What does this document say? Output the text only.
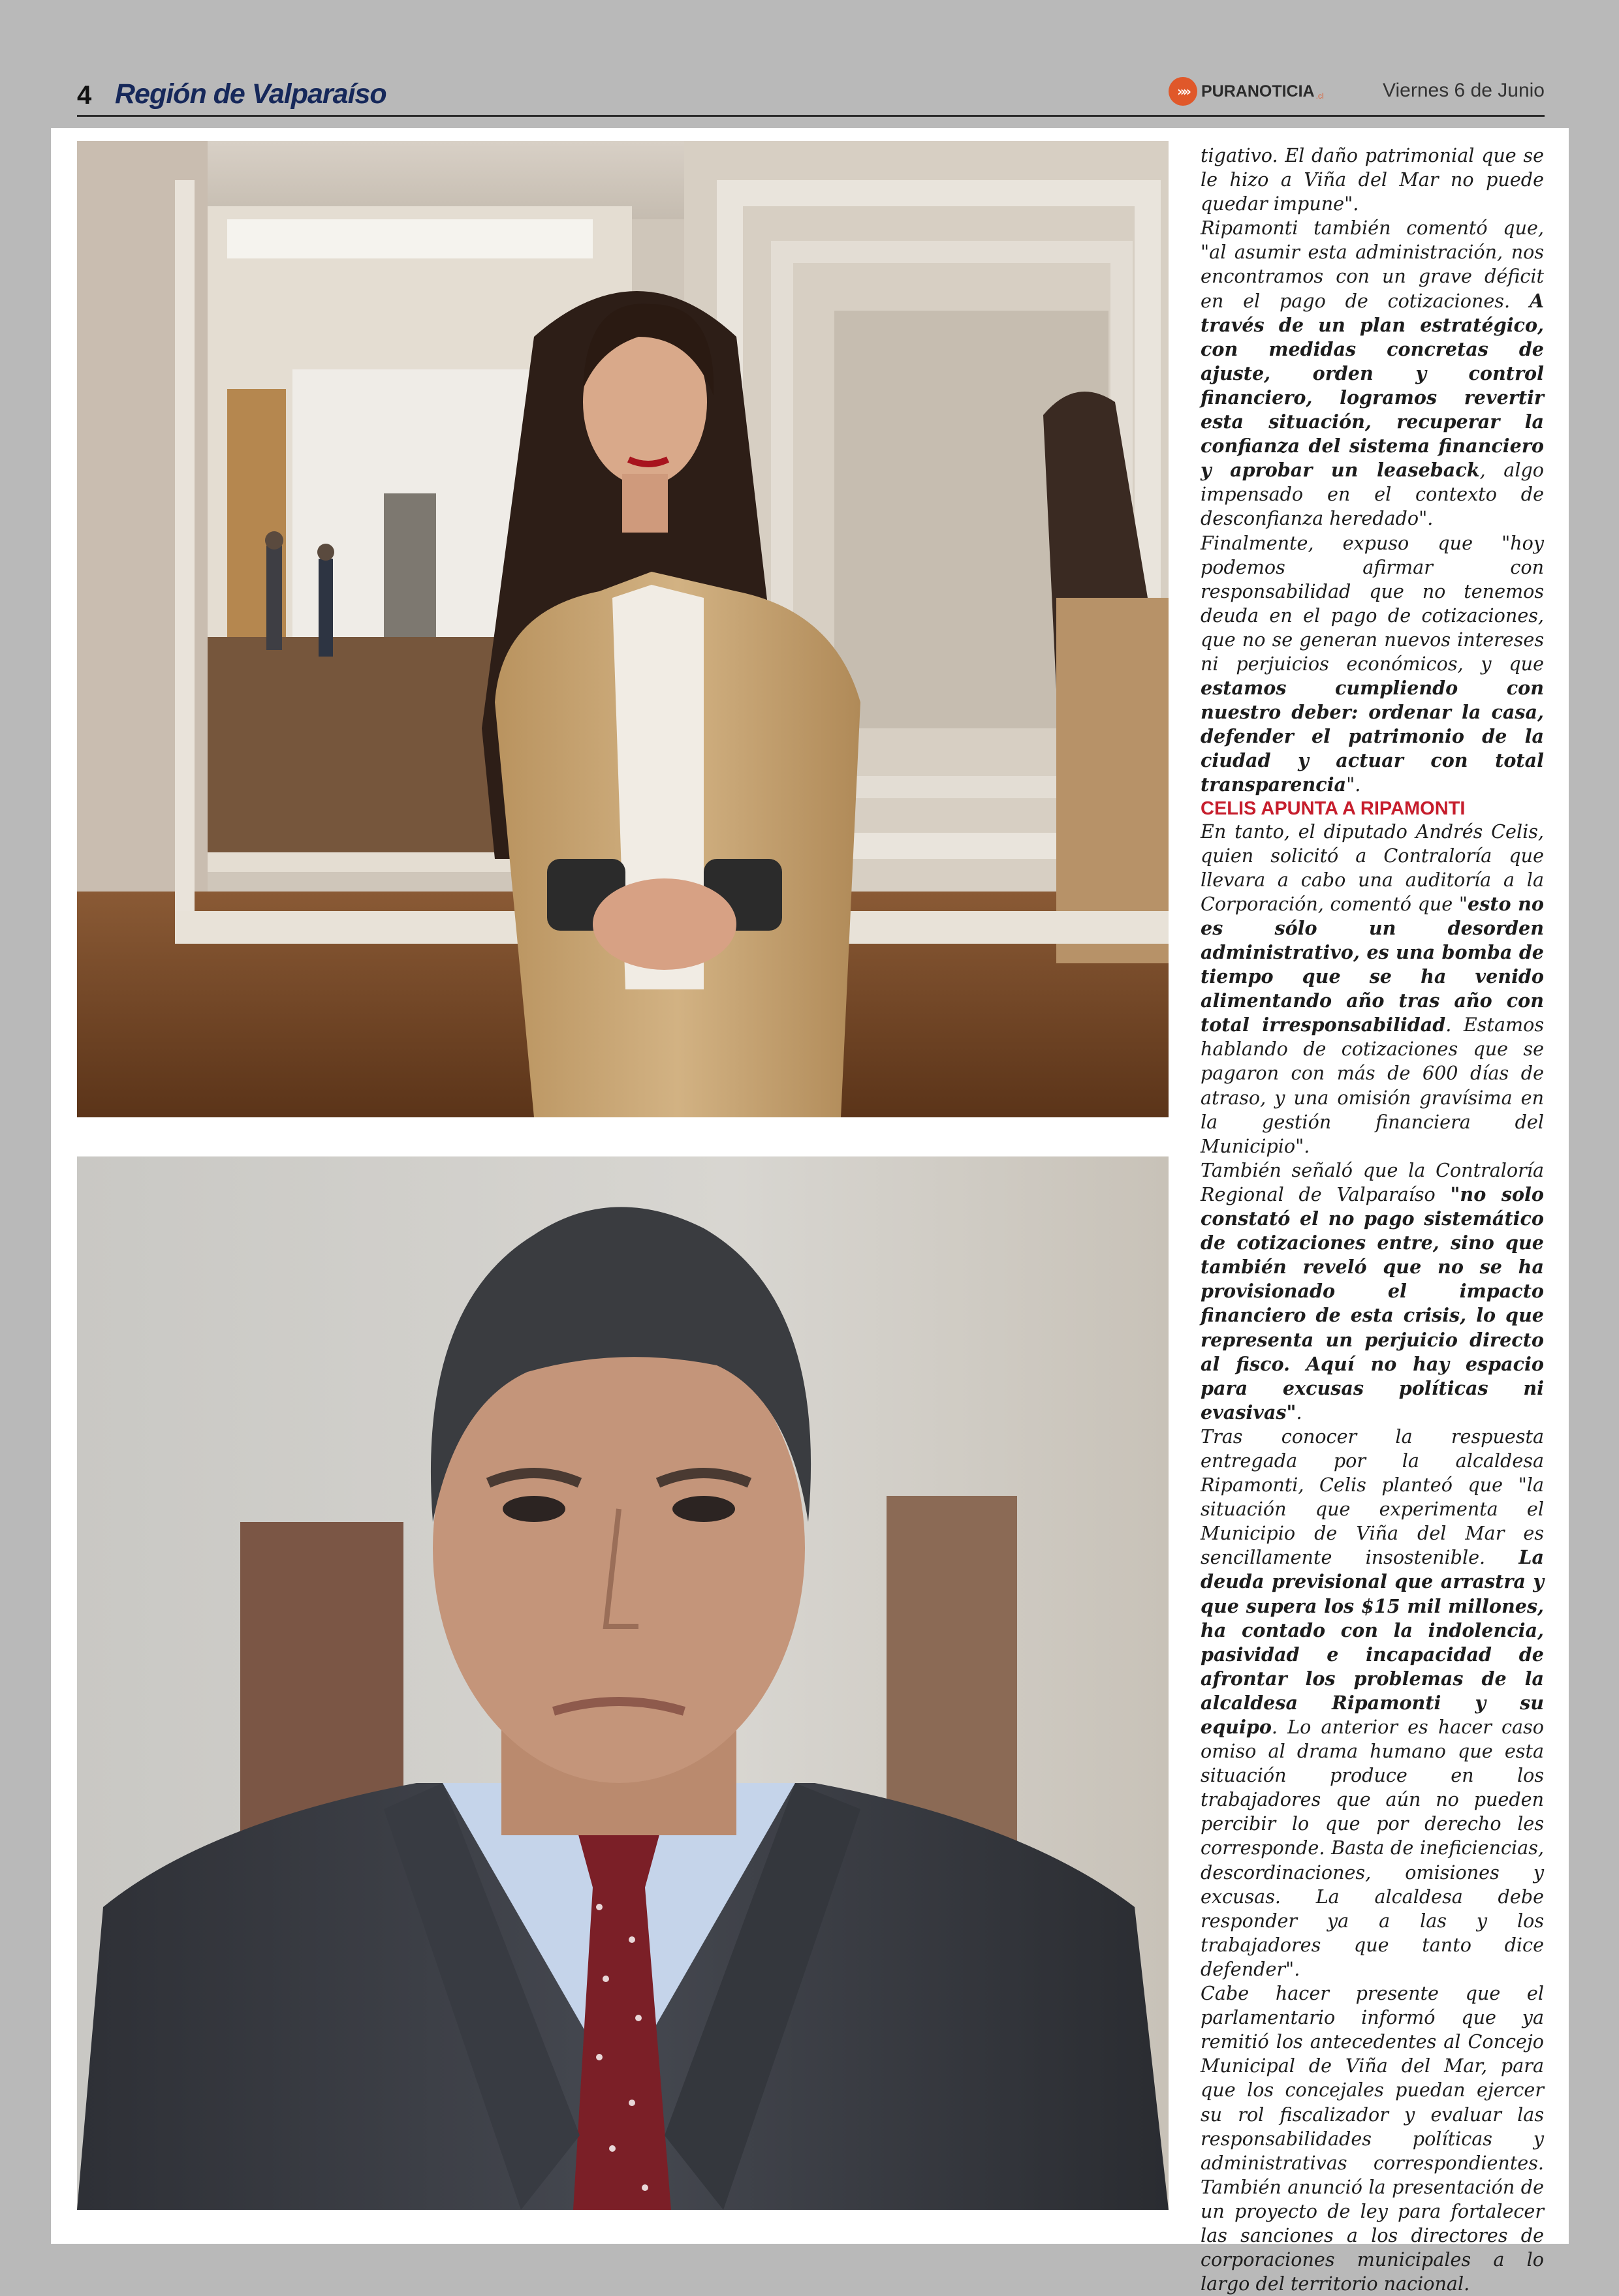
4 Región de Valparaíso	»» PURANOTICIA .cl	Viernes 6 de Junio

tigativo. El daño patrimonial que se le hizo a Viña del Mar no puede quedar impune".

Ripamonti también comentó que, "al asumir esta administración, nos encontramos con un grave déficit en el pago de cotizaciones. A través de un plan estratégico, con medidas concretas de ajuste, orden y control financiero, logramos revertir esta situación, recuperar la confianza del sistema financiero y aprobar un leaseback, algo impensado en el contexto de desconfianza heredado".

Finalmente, expuso que "hoy podemos afirmar con responsabilidad que no tenemos deuda en el pago de cotizaciones, que no se generan nuevos intereses ni perjuicios económicos, y que estamos cumpliendo con nuestro deber: ordenar la casa, defender el patrimonio de la ciudad y actuar con total transparencia".

CELIS APUNTA A RIPAMONTI

En tanto, el diputado Andrés Celis, quien solicitó a Contraloría que llevara a cabo una auditoría a la Corporación, comentó que "esto no es sólo un desorden administrativo, es una bomba de tiempo que se ha venido alimentando año tras año con total irresponsabilidad. Estamos hablando de cotizaciones que se pagaron con más de 600 días de atraso, y una omisión gravísima en la gestión financiera del Municipio".

También señaló que la Contraloría Regional de Valparaíso "no solo constató el no pago sistemático de cotizaciones entre, sino que también reveló que no se ha provisionado el impacto financiero de esta crisis, lo que representa un perjuicio directo al fisco. Aquí no hay espacio para excusas políticas ni evasivas".

Tras conocer la respuesta entregada por la alcaldesa Ripamonti, Celis planteó que "la situación que experimenta el Municipio de Viña del Mar es sencillamente insostenible. La deuda previsional que arrastra y que supera los $15 mil millones, ha contado con la indolencia, pasividad e incapacidad de afrontar los problemas de la alcaldesa Ripamonti y su equipo. Lo anterior es hacer caso omiso al drama humano que esta situación produce en los trabajadores que aún no pueden percibir lo que por derecho les corresponde. Basta de ineficiencias, descordinaciones, omisiones y excusas. La alcaldesa debe responder ya a las y los trabajadores que tanto dice defender".

Cabe hacer presente que el parlamentario informó que ya remitió los antecedentes al Concejo Municipal de Viña del Mar, para que los concejales puedan ejercer su rol fiscalizador y evaluar las responsabilidades políticas y administrativas correspondientes. También anunció la presentación de un proyecto de ley para fortalecer las sanciones a los directores de corporaciones municipales a lo largo del territorio nacional.
